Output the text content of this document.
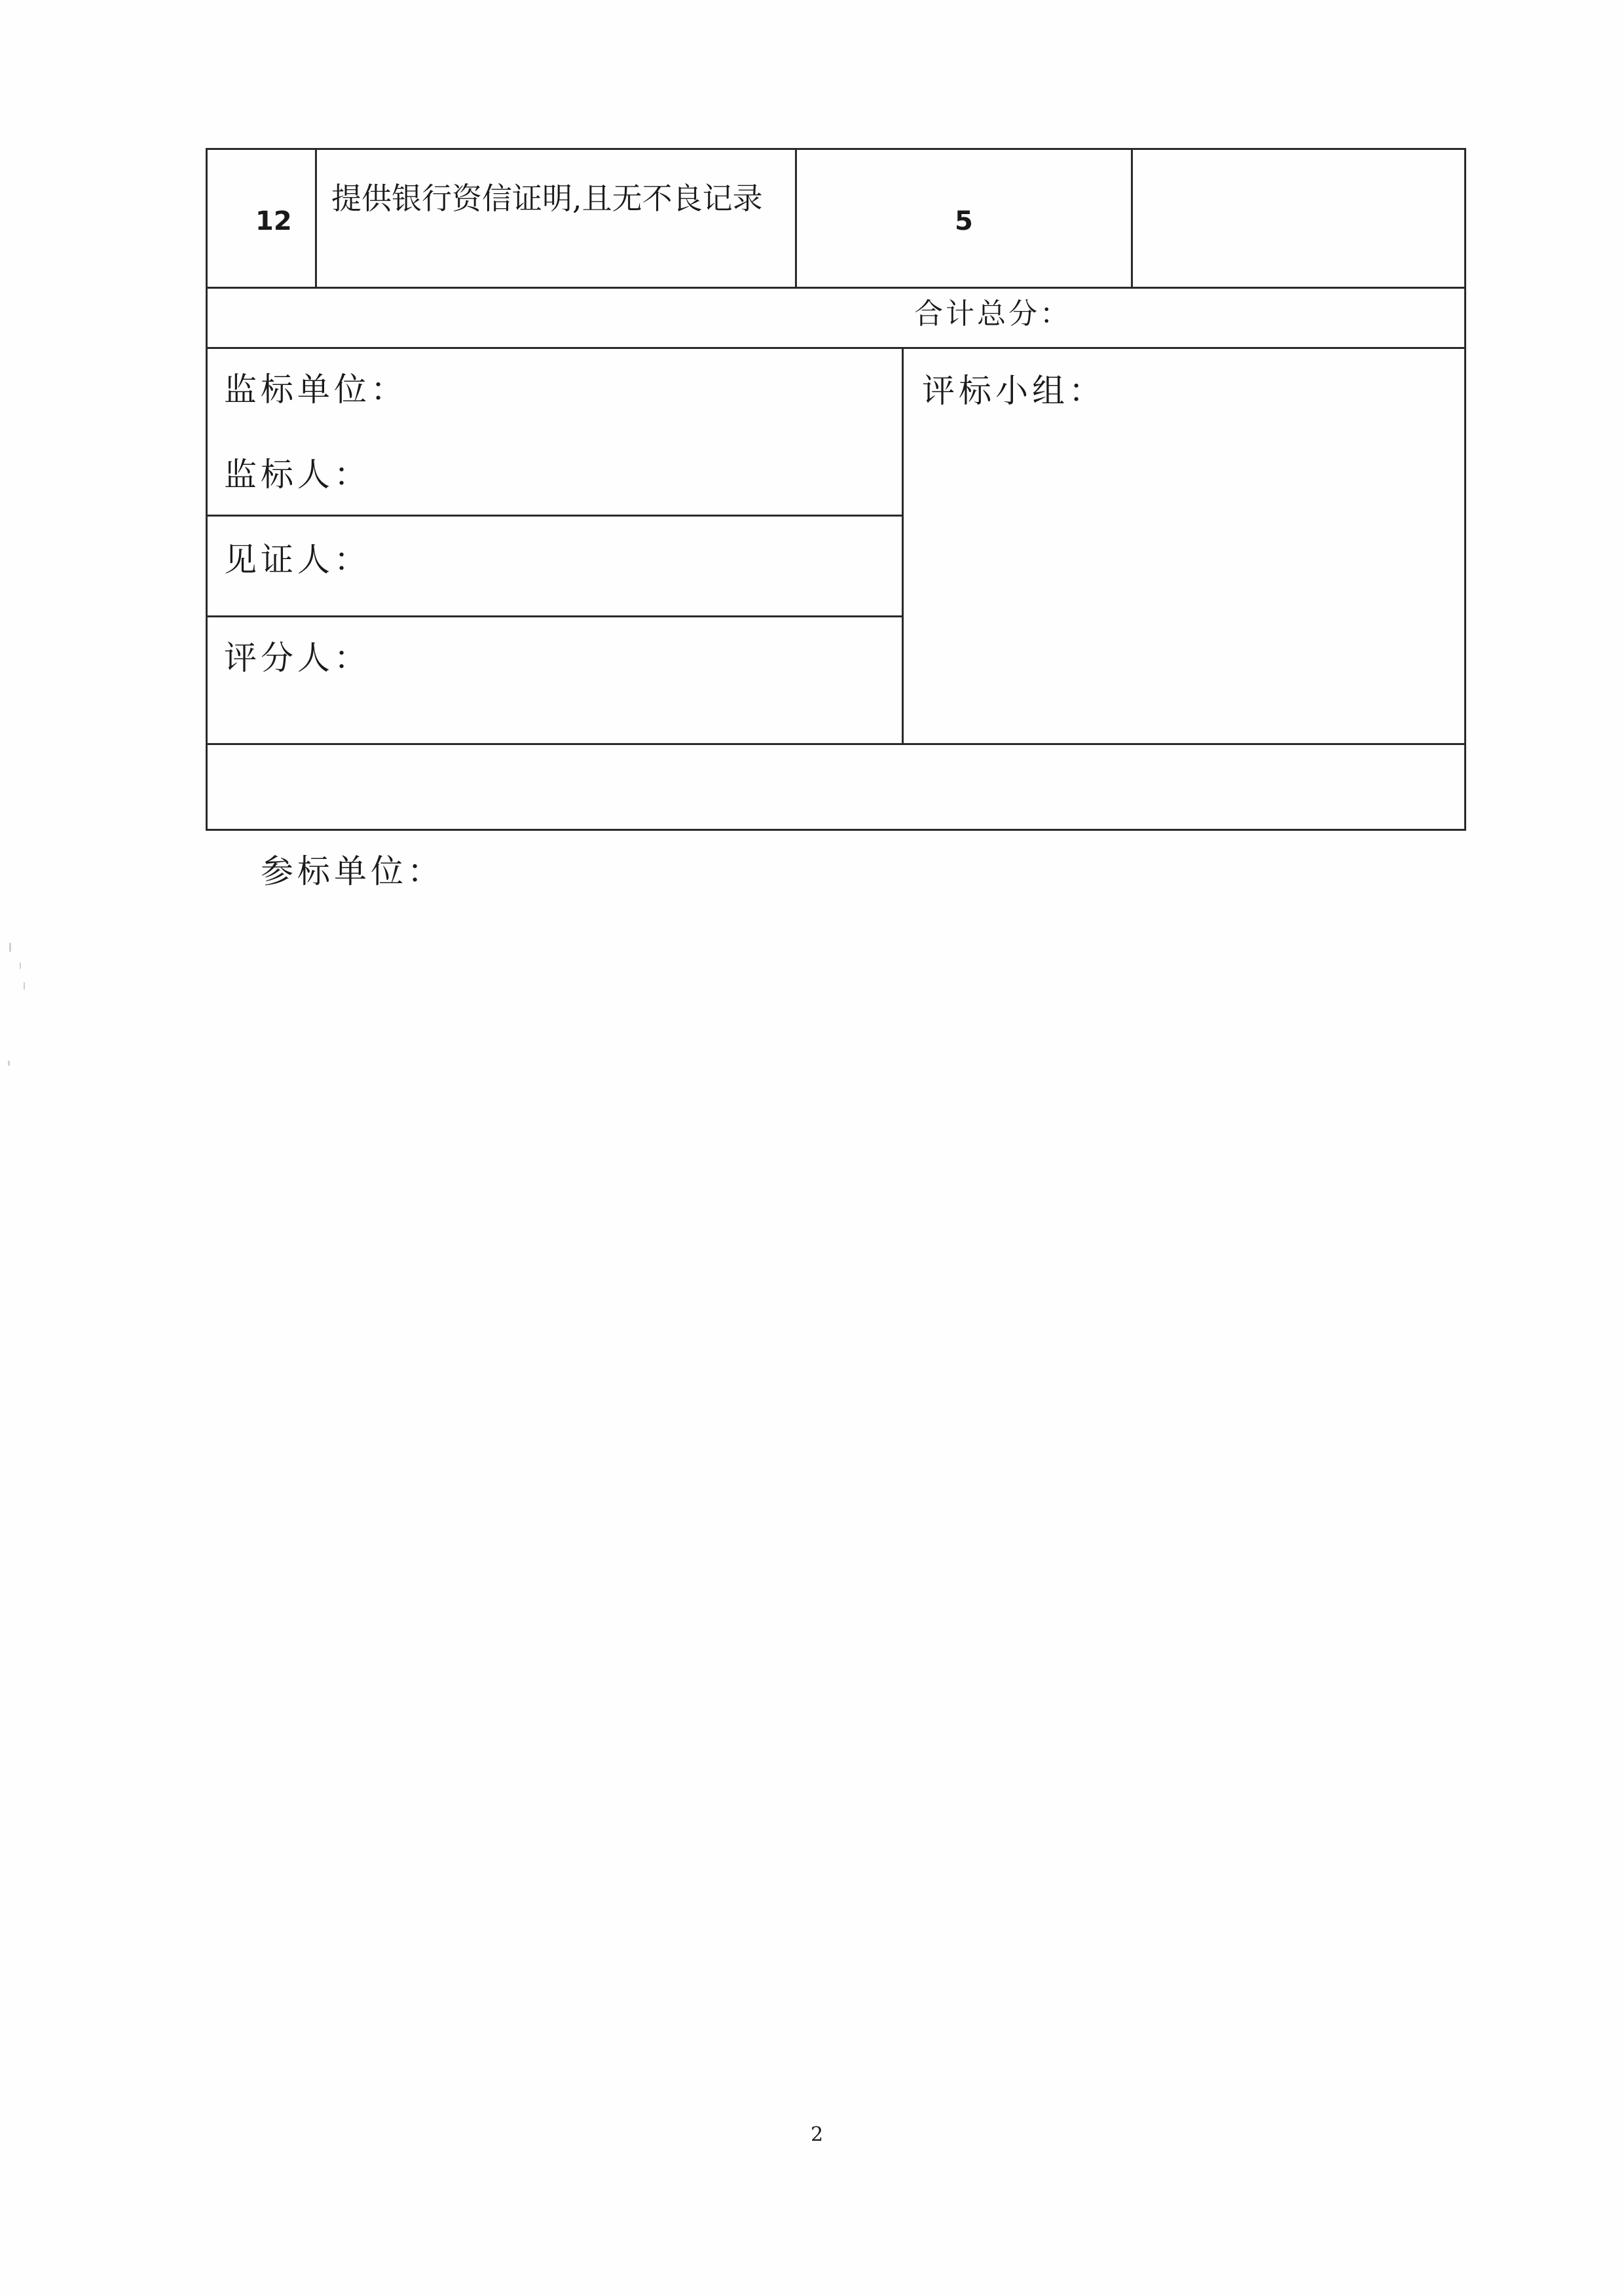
12
提供银行资信证明,且无不良记录
5
合计总分：
监标单位：
监标人：
见证人：
评分人：
评标小组：
参标单位：
2
